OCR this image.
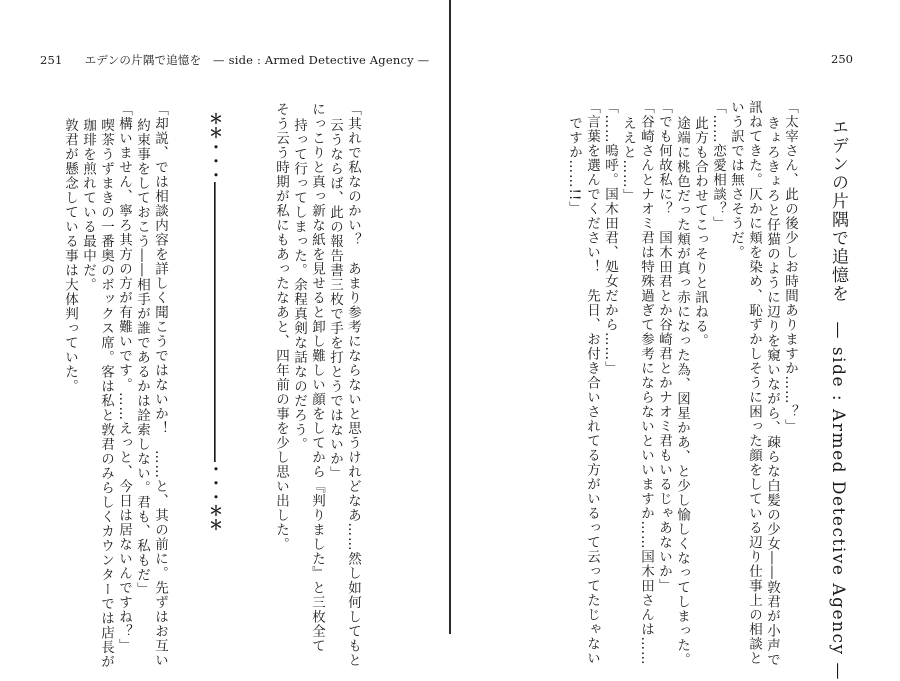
251 エデンの片隅で追憶を　— side : Armed Detective Agency —
「其れで私なのかい？　あまり参考にならないと思うけれどなあ……然し如何してもと
云うならば、此の報告書三枚で手を打とうではないか」
にっこりと真っ新な紙を見せると卸し難しい顔をしてから『判りました』と三枚全て
持って行ってしまった。余程真剣な話なのだろう。
そう云う時期が私にもあったなあと、四年前の事を少し思い出した。
＊＊・・・――――――――――――――――――――・・・＊＊
「却説、では相談内容を詳しく聞こうではないか！　……と、其の前に。先ずはお互い
約束事をしておこう――相手が誰であるかは詮索しない。君も、私もだ」
「構いません、寧ろ其方の方が有難いです。……えっと、今日は居ないんですね？」
喫茶うずまきの一番奥のボックス席。客は私と敦君のみらしくカウンターでは店長が
珈琲を煎れている最中だ。
敦君が懸念している事は大体判っていた。
250
エデンの片隅で追憶を　— side : Armed Detective Agency —
「太宰さん、此の後少しお時間ありますか……？」
きょろきょろと仔猫のように辺りを窺いながら、疎らな白髪の少女――敦君が小声で
訊ねてきた。仄かに頬を染め、恥ずかしそうに困った顔をしている辺り仕事上の相談と
いう訳では無さそうだ。
「……恋愛相談？」
此方も合わせてこっそりと訊ねる。
途端に桃色だった頬が真っ赤になった為、図星かあ、と少し愉しくなってしまった。
「でも何故私に？　国木田君とか谷崎君とかナオミ君もいるじゃあないか」
「谷崎さんとナオミ君は特殊過ぎて参考にならないといいますか……国木田さんは……
ええと……」
「……嗚呼。国木田君、処女だから……」
「言葉を選んでください！　先日、お付き合いされてる方がいるって云ってたじゃない
ですか……!!」
